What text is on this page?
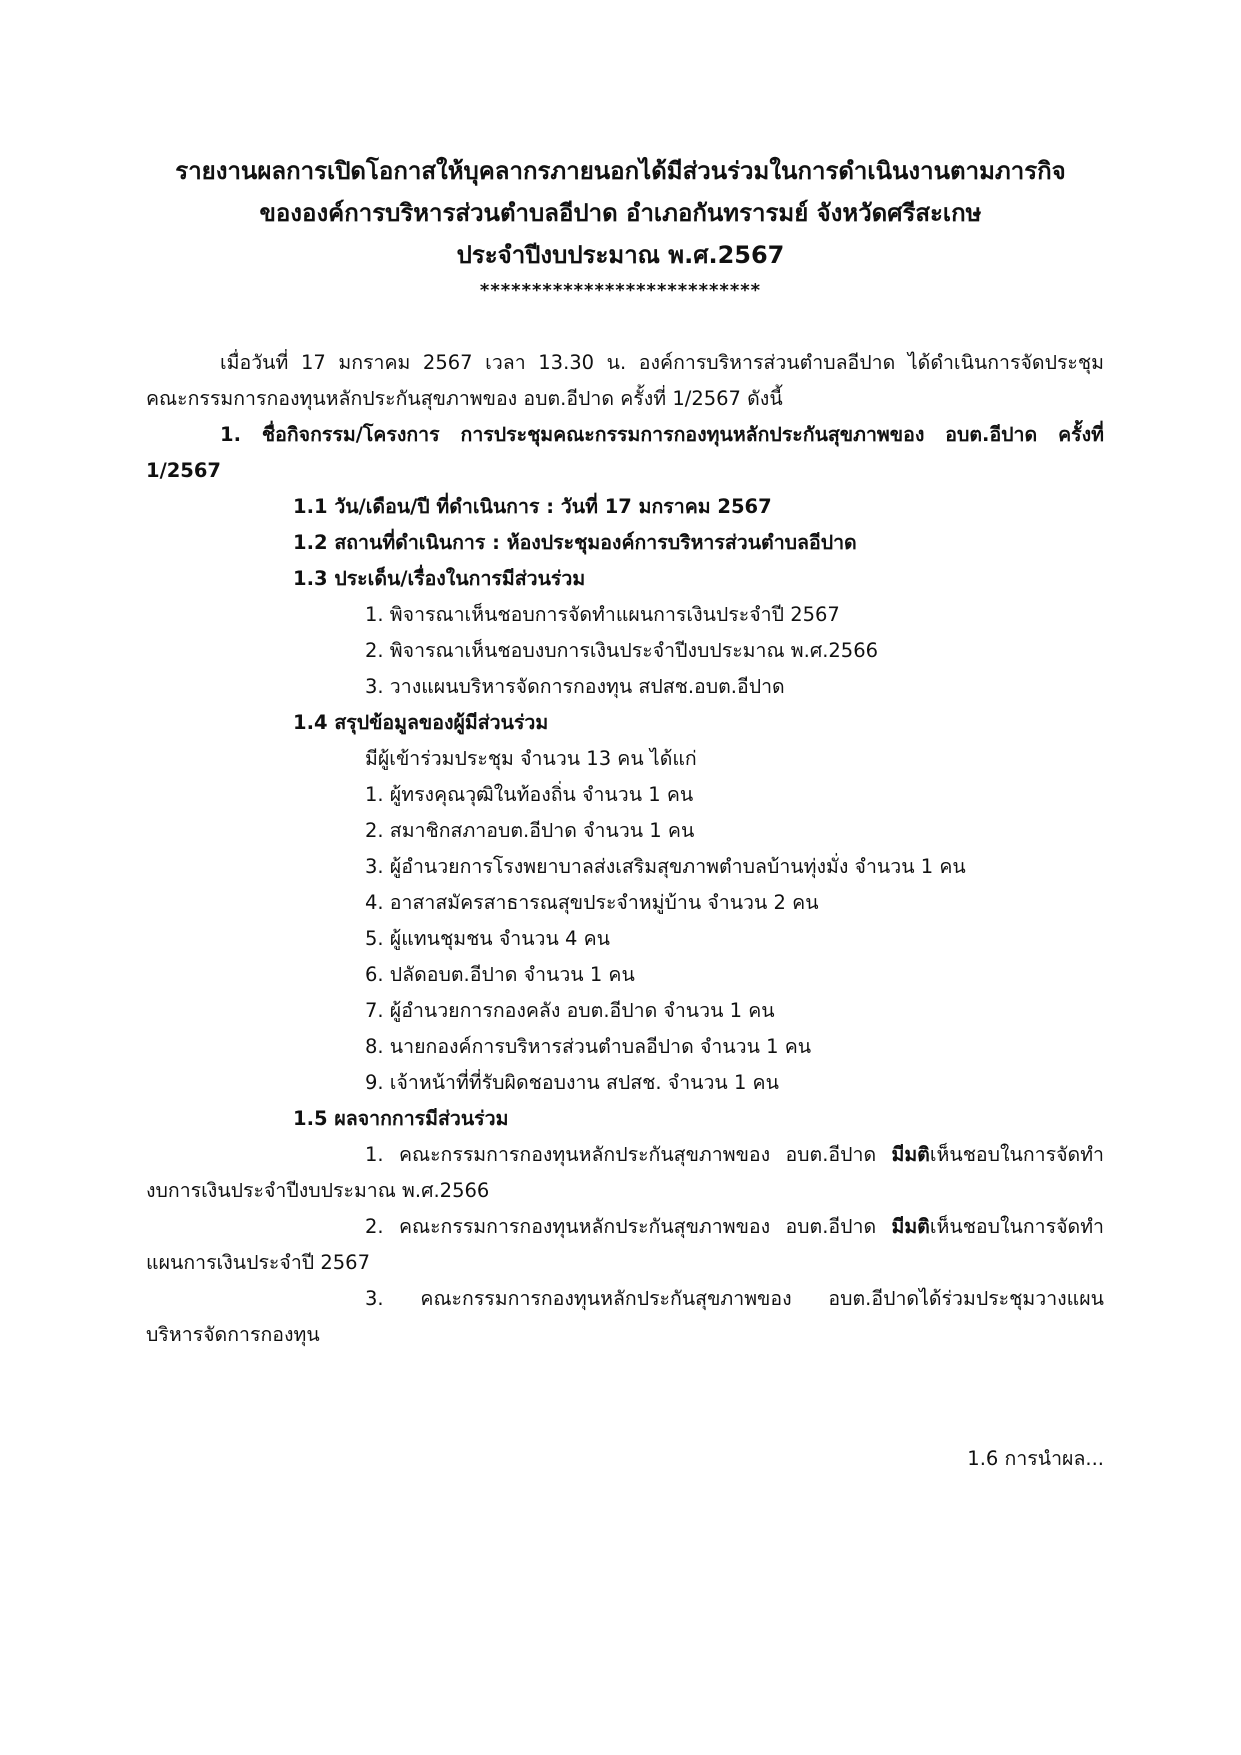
รายงานผลการเปิดโอกาสให้บุคลากรภายนอกได้มีส่วนร่วมในการดำเนินงานตามภารกิจ
ขององค์การบริหารส่วนตำบลอีปาด อำเภอกันทรารมย์ จังหวัดศรีสะเกษ
ประจำปีงบประมาณ พ.ศ.2567
***************************
เมื่อวันที่ 17 มกราคม 2567 เวลา 13.30 น. องค์การบริหารส่วนตำบลอีปาด ได้ดำเนินการจัดประชุม
คณะกรรมการกองทุนหลักประกันสุขภาพของ อบต.อีปาด ครั้งที่ 1/2567 ดังนี้
1. ชื่อกิจกรรม/โครงการ การประชุมคณะกรรมการกองทุนหลักประกันสุขภาพของ อบต.อีปาด ครั้งที่
1/2567
1.1 วัน/เดือน/ปี ที่ดำเนินการ : วันที่ 17 มกราคม 2567
1.2 สถานที่ดำเนินการ : ห้องประชุมองค์การบริหารส่วนตำบลอีปาด
1.3 ประเด็น/เรื่องในการมีส่วนร่วม
1. พิจารณาเห็นชอบการจัดทำแผนการเงินประจำปี 2567
2. พิจารณาเห็นชอบงบการเงินประจำปีงบประมาณ พ.ศ.2566
3. วางแผนบริหารจัดการกองทุน สปสช.อบต.อีปาด
1.4 สรุปข้อมูลของผู้มีส่วนร่วม
มีผู้เข้าร่วมประชุม จำนวน 13 คน ได้แก่
1. ผู้ทรงคุณวุฒิในท้องถิ่น จำนวน 1 คน
2. สมาชิกสภาอบต.อีปาด จำนวน 1 คน
3. ผู้อำนวยการโรงพยาบาลส่งเสริมสุขภาพตำบลบ้านทุ่งมั่ง จำนวน 1 คน
4. อาสาสมัครสาธารณสุขประจำหมู่บ้าน จำนวน 2 คน
5. ผู้แทนชุมชน จำนวน 4 คน
6. ปลัดอบต.อีปาด จำนวน 1 คน
7. ผู้อำนวยการกองคลัง อบต.อีปาด จำนวน 1 คน
8. นายกองค์การบริหารส่วนตำบลอีปาด จำนวน 1 คน
9. เจ้าหน้าที่ที่รับผิดชอบงาน สปสช. จำนวน 1 คน
1.5 ผลจากการมีส่วนร่วม
1. คณะกรรมการกองทุนหลักประกันสุขภาพของ อบต.อีปาด มีมติเห็นชอบในการจัดทำ
งบการเงินประจำปีงบประมาณ พ.ศ.2566
2. คณะกรรมการกองทุนหลักประกันสุขภาพของ อบต.อีปาด มีมติเห็นชอบในการจัดทำ
แผนการเงินประจำปี 2567
3. คณะกรรมการกองทุนหลักประกันสุขภาพของ อบต.อีปาดได้ร่วมประชุมวางแผน
บริหารจัดการกองทุน
1.6 การนำผล...
